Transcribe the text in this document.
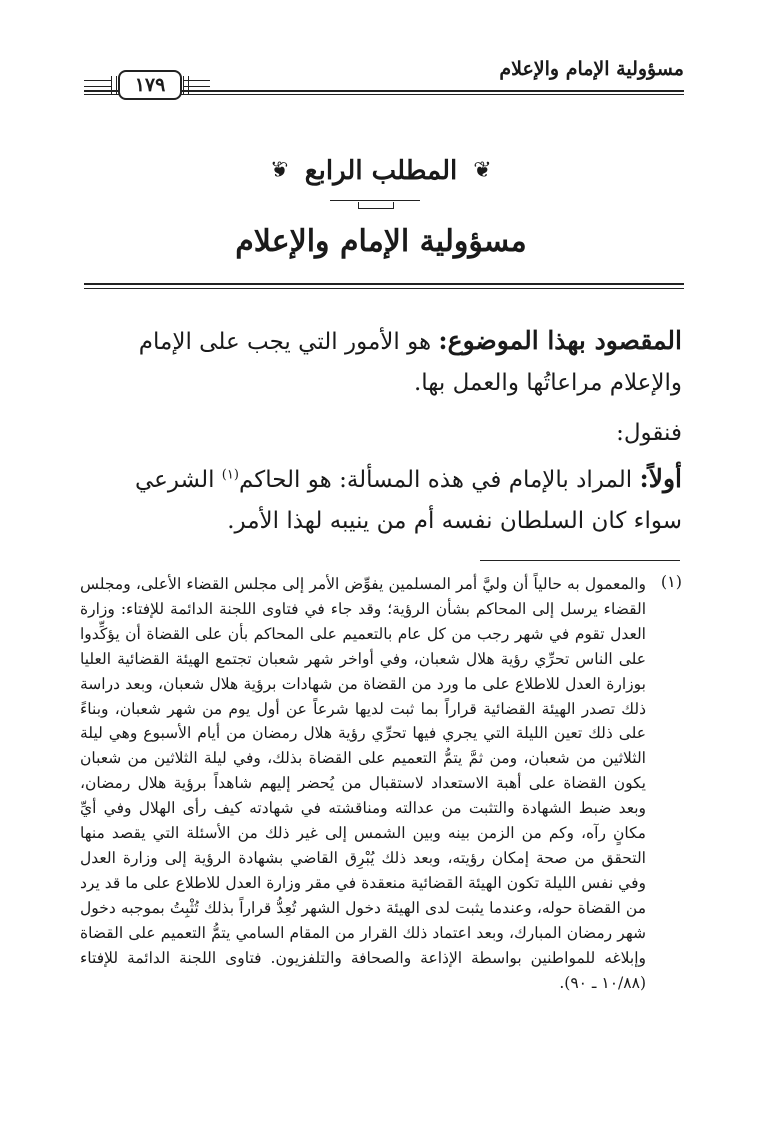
مسؤولية الإمام والإعلام
١٧٩
❦
المطلب الرابع
❦
مسؤولية الإمام والإعلام
المقصود بهذا الموضوع: هو الأمور التي يجب على الإمام
والإعلام مراعاتُها والعمل بها.
فنقول:
أولاً: المراد بالإمام في هذه المسألة: هو الحاكم$^{(١)}$ الشرعي
سواء كان السلطان نفسه أم من ينيبه لهذا الأمر.
(١)
والمعمول به حالياً أن وليَّ أمر المسلمين يفوِّض الأمر إلى مجلس القضاء الأعلى، ومجلس القضاء يرسل إلى المحاكم بشأن الرؤية؛ وقد جاء في فتاوى اللجنة الدائمة للإفتاء: وزارة العدل تقوم في شهر رجب من كل عام بالتعميم على المحاكم بأن على القضاة أن يؤكِّدوا على الناس تحرِّي رؤية هلال شعبان، وفي أواخر شهر شعبان تجتمع الهيئة القضائية العليا بوزارة العدل للاطلاع على ما ورد من القضاة من شهادات برؤية هلال شعبان، وبعد دراسة ذلك تصدر الهيئة القضائية قراراً بما ثبت لديها شرعاً عن أول يوم من شهر شعبان، وبناءً على ذلك تعين الليلة التي يجري فيها تحرِّي رؤية هلال رمضان من أيام الأسبوع وهي ليلة الثلاثين من شعبان، ومن ثمَّ يتمُّ التعميم على القضاة بذلك، وفي ليلة الثلاثين من شعبان يكون القضاة على أهبة الاستعداد لاستقبال من يُحضر إليهم شاهداً برؤية هلال رمضان، وبعد ضبط الشهادة والتثبت من عدالته ومناقشته في شهادته كيف رأى الهلال وفي أيِّ مكانٍ رآه، وكم من الزمن بينه وبين الشمس إلى غير ذلك من الأسئلة التي يقصد منها التحقق من صحة إمكان رؤيته، وبعد ذلك يُبْرِق القاضي بشهادة الرؤية إلى وزارة العدل وفي نفس الليلة تكون الهيئة القضائية منعقدة في مقر وزارة العدل للاطلاع على ما قد يرد من القضاة حوله، وعندما يثبت لدى الهيئة دخول الشهر تُعِدُّ قراراً بذلك تُثْبِتُ بموجبه دخول شهر رمضان المبارك، وبعد اعتماد ذلك القرار من المقام السامي يتمُّ التعميم على القضاة وإبلاغه للمواطنين بواسطة الإذاعة والصحافة والتلفزيون. فتاوى اللجنة الدائمة للإفتاء (١٠/٨٨ ـ ٩٠).
